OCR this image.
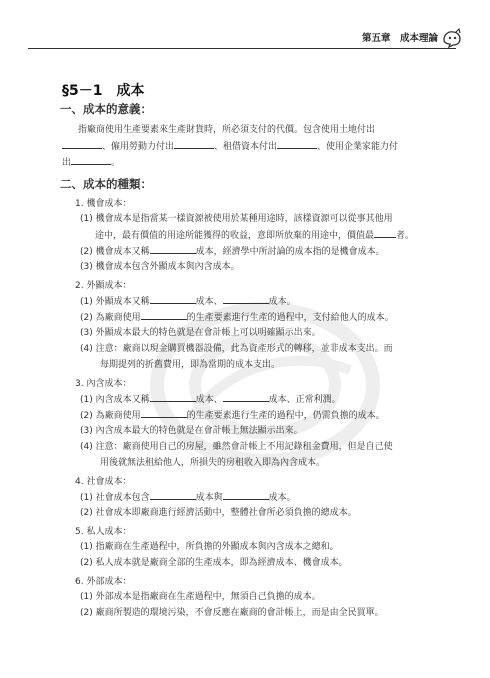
第五章　成本理論
§5－1　成本
一、成本的意義：
指廠商使用生產要素來生產財貨時，所必須支付的代價。包含使用土地付出
、僱用勞動力付出	、租借資本付出	、使用企業家能力付
出	。
二、成本的種類：
1. 機會成本：
(1) 機會成本是指當某一樣資源被使用於某種用途時，該樣資源可以從事其他用
途中，最有價值的用途所能獲得的收益，意即所放棄的用途中，價值最 者。
(2) 機會成本又稱	成本，經濟學中所討論的成本指的是機會成本。
(3) 機會成本包含外顯成本與內含成本。
2. 外顯成本：
(1) 外顯成本又稱	成本、	成本。
(2) 為廠商使用	的生產要素進行生產的過程中，支付給他人的成本。
(3) 外顯成本最大的特色就是在會計帳上可以明確顯示出來。
(4) 注意：廠商以現金購買機器設備，此為資產形式的轉移，並非成本支出。而
每期提列的折舊費用，即為當期的成本支出。
3. 內含成本：
(1) 內含成本又稱	成本、	成本、正常利潤。
(2) 為廠商使用	的生產要素進行生產的過程中，仍需負擔的成本。
(3) 內含成本最大的特色就是在會計帳上無法顯示出來。
(4) 注意：廠商使用自己的房屋，雖然會計帳上不用記錄租金費用，但是自己使
用後就無法租給他人，所損失的房租收入即為內含成本。
4. 社會成本：
(1) 社會成本包含	成本與	成本。
(2) 社會成本即廠商進行經濟活動中，整體社會所必須負擔的總成本。
5. 私人成本：
(1) 指廠商在生產過程中，所負擔的外顯成本與內含成本之總和。
(2) 私人成本就是廠商全部的生產成本，即為經濟成本、機會成本。
6. 外部成本：
(1) 外部成本是指廠商在生產過程中，無須自己負擔的成本。
(2) 廠商所製造的環境污染，不會反應在廠商的會計帳上，而是由全民買單。
